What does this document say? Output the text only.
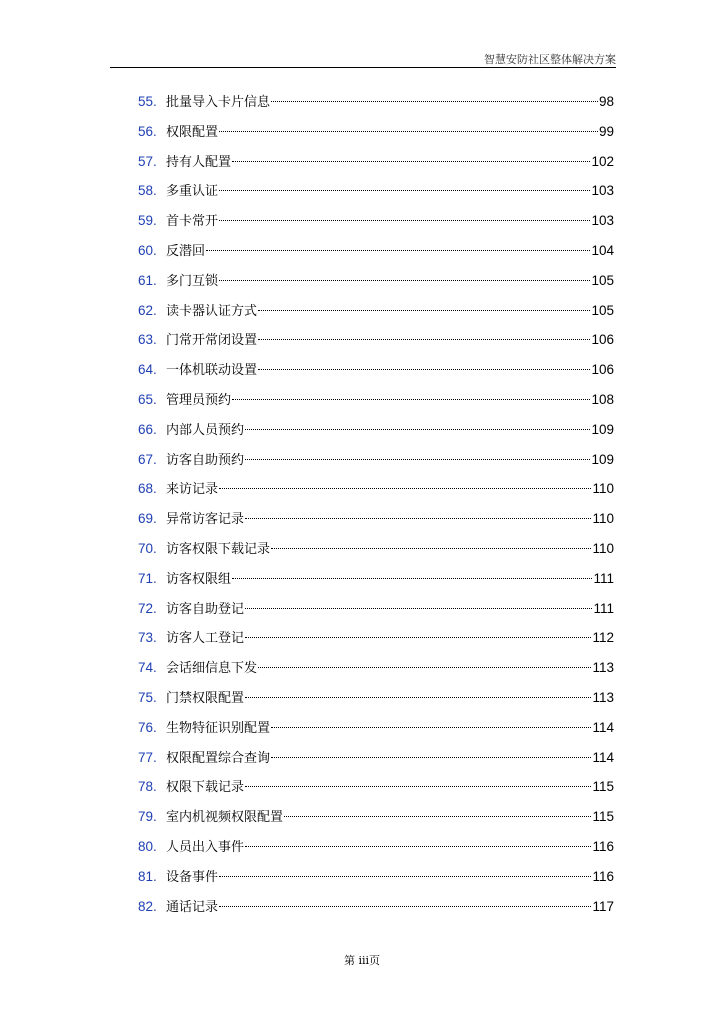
智慧安防社区整体解决方案
55. 批量导入卡片信息	98
56. 权限配置	99
57. 持有人配置	102
58. 多重认证	103
59. 首卡常开	103
60. 反潜回	104
61. 多门互锁	105
62. 读卡器认证方式	105
63. 门常开常闭设置	106
64. 一体机联动设置	106
65. 管理员预约	108
66. 内部人员预约	109
67. 访客自助预约	109
68. 来访记录	110
69. 异常访客记录	110
70. 访客权限下载记录	110
71. 访客权限组	111
72. 访客自助登记	111
73. 访客人工登记	112
74. 会话细信息下发	113
75. 门禁权限配置	113
76. 生物特征识别配置	114
77. 权限配置综合查询	114
78. 权限下载记录	115
79. 室内机视频权限配置	115
80. 人员出入事件	116
81. 设备事件	116
82. 通话记录	117
第 iii页
